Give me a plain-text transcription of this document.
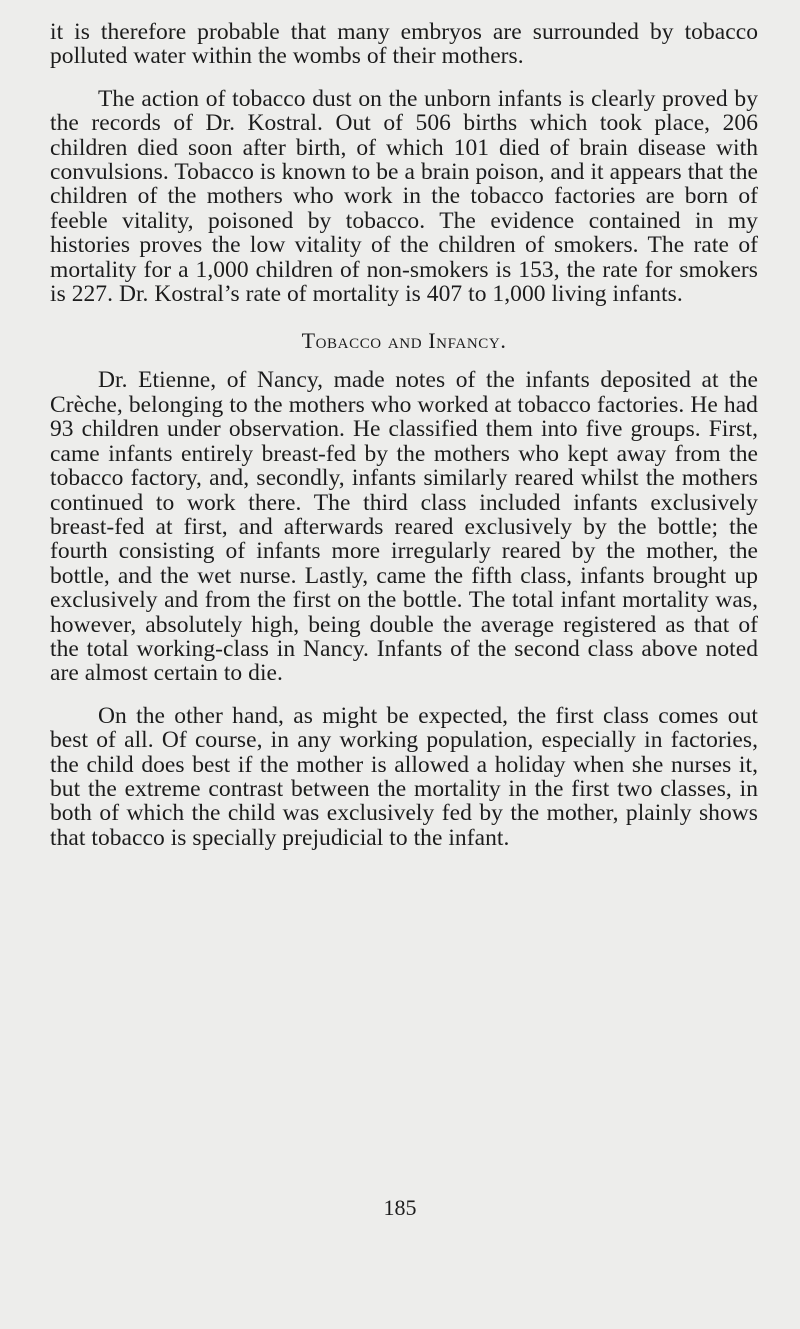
it is therefore probable that many embryos are surrounded by tobacco polluted water within the wombs of their mothers.

The action of tobacco dust on the unborn infants is clearly proved by the records of Dr. Kostral. Out of 506 births which took place, 206 children died soon after birth, of which 101 died of brain disease with convulsions. Tobacco is known to be a brain poison, and it appears that the children of the mothers who work in the tobacco factories are born of feeble vitality, poisoned by tobacco. The evidence contained in my histories proves the low vitality of the children of smokers. The rate of mortality for a 1,000 children of non-smokers is 153, the rate for smokers is 227. Dr. Kostral’s rate of mortality is 407 to 1,000 living infants.

Tobacco and Infancy.

Dr. Etienne, of Nancy, made notes of the infants deposited at the Crèche, belonging to the mothers who worked at tobacco factories. He had 93 children under observation. He classified them into five groups. First, came infants entirely breast-fed by the mothers who kept away from the tobacco factory, and, secondly, infants similarly reared whilst the mothers continued to work there. The third class included infants exclusively breast-fed at first, and afterwards reared exclusively by the bottle; the fourth consisting of infants more irregularly reared by the mother, the bottle, and the wet nurse. Lastly, came the fifth class, infants brought up exclusively and from the first on the bottle. The total infant mortality was, however, absolutely high, being double the average registered as that of the total working-class in Nancy. Infants of the second class above noted are almost certain to die.

On the other hand, as might be expected, the first class comes out best of all. Of course, in any working population, especially in factories, the child does best if the mother is allowed a holiday when she nurses it, but the extreme contrast between the mortality in the first two classes, in both of which the child was exclusively fed by the mother, plainly shows that tobacco is specially prejudicial to the infant.

185
